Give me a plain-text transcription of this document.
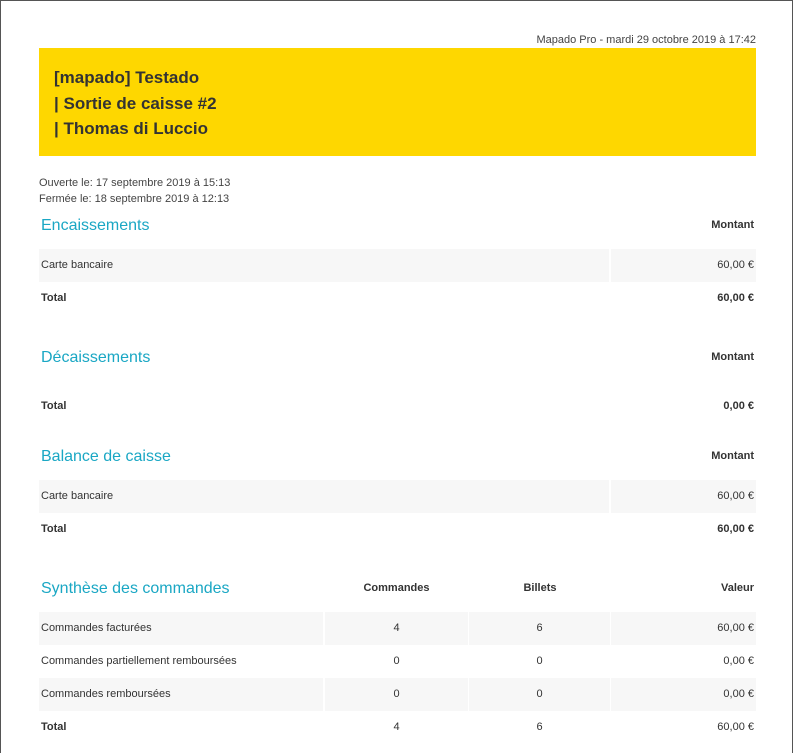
Mapado Pro - mardi 29 octobre 2019 à 17:42
[mapado] Testado
| Sortie de caisse #2
| Thomas di Luccio
Ouverte le: 17 septembre 2019 à 15:13
Fermée le: 18 septembre 2019 à 12:13
Encaissements	Montant
Carte bancaire	60,00 €
Total	60,00 €
Décaissements	Montant
Total	0,00 €
Balance de caisse	Montant
Carte bancaire	60,00 €
Total	60,00 €
Synthèse des commandes	Commandes	Billets	Valeur
Commandes facturées	4	6	60,00 €
Commandes partiellement remboursées	0	0	0,00 €
Commandes remboursées	0	0	0,00 €
Total	4	6	60,00 €
